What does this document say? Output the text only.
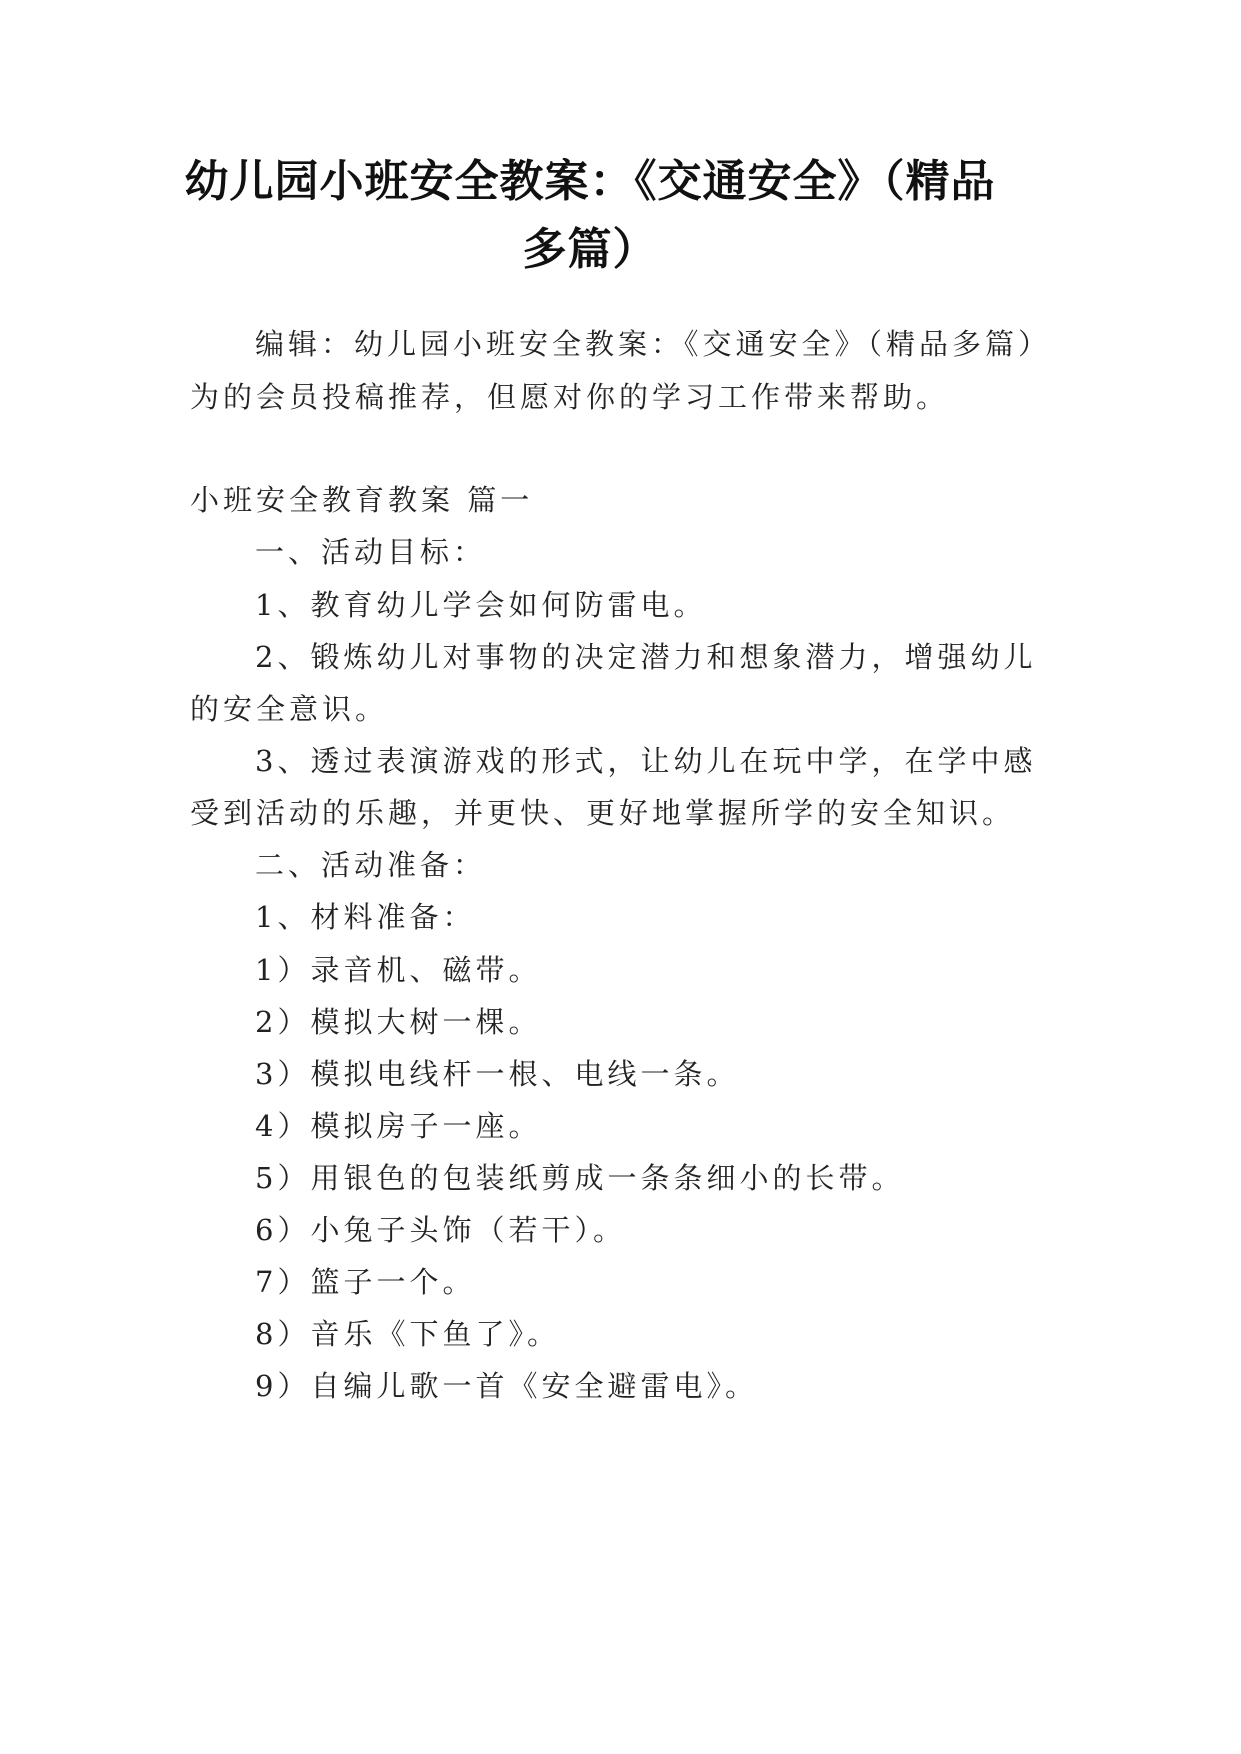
幼儿园小班安全教案：《交通安全》（精品
多篇）
编辑：幼儿园小班安全教案：《交通安全》（精品多篇）
为的会员投稿推荐，但愿对你的学习工作带来帮助。
小班安全教育教案 篇一
一、活动目标：
1、教育幼儿学会如何防雷电。
2、锻炼幼儿对事物的决定潜力和想象潜力，增强幼儿
的安全意识。
3、透过表演游戏的形式，让幼儿在玩中学，在学中感
受到活动的乐趣，并更快、更好地掌握所学的安全知识。
二、活动准备：
1、材料准备：
1）录音机、磁带。
2）模拟大树一棵。
3）模拟电线杆一根、电线一条。
4）模拟房子一座。
5）用银色的包装纸剪成一条条细小的长带。
6）小兔子头饰（若干）。
7）篮子一个。
8）音乐《下鱼了》。
9）自编儿歌一首《安全避雷电》。
